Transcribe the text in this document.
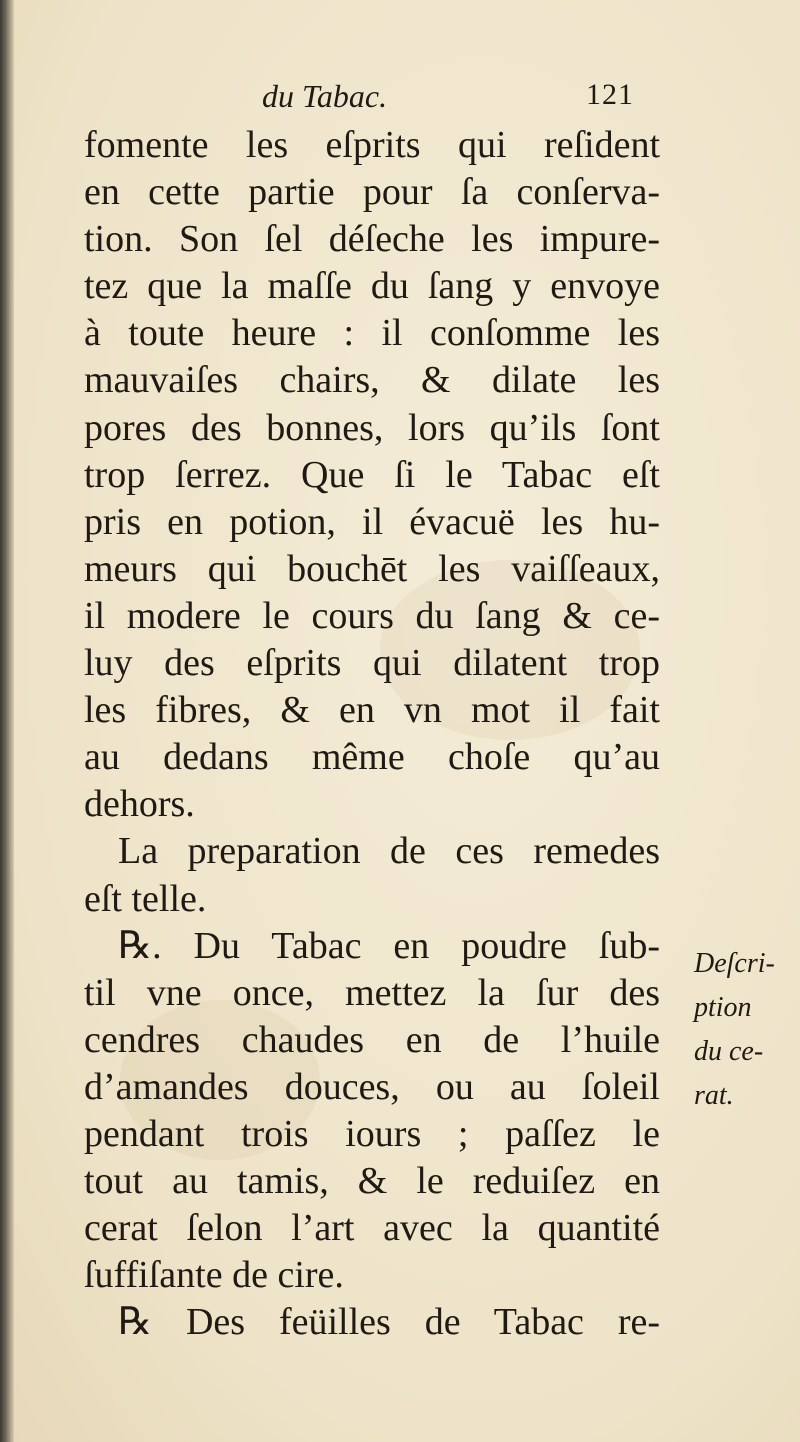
du Tabac.	121
fomente les eſprits qui reſident
en cette partie pour ſa conſerva-
tion. Son ſel déſeche les impure-
tez que la maſſe du ſang y envoye
à toute heure : il conſomme les
mauvaiſes chairs, & dilate les
pores des bonnes, lors qu’ils ſont
trop ſerrez. Que ſi le Tabac eſt
pris en potion, il évacuë les hu-
meurs qui bouchēt les vaiſſeaux,
il modere le cours du ſang & ce-
luy des eſprits qui dilatent trop
les fibres, & en vn mot il fait
au dedans même choſe qu’au
dehors.
La preparation de ces remedes
eſt telle.
℞. Du Tabac en poudre ſub-
til vne once, mettez la ſur des
cendres chaudes en de l’huile
d’amandes douces, ou au ſoleil
pendant trois iours ; paſſez le
tout au tamis, & le reduiſez en
cerat ſelon l’art avec la quantité
ſuffiſante de cire.
℞ Des feüilles de Tabac re-
Deſcri-
ption
du ce-
rat.
